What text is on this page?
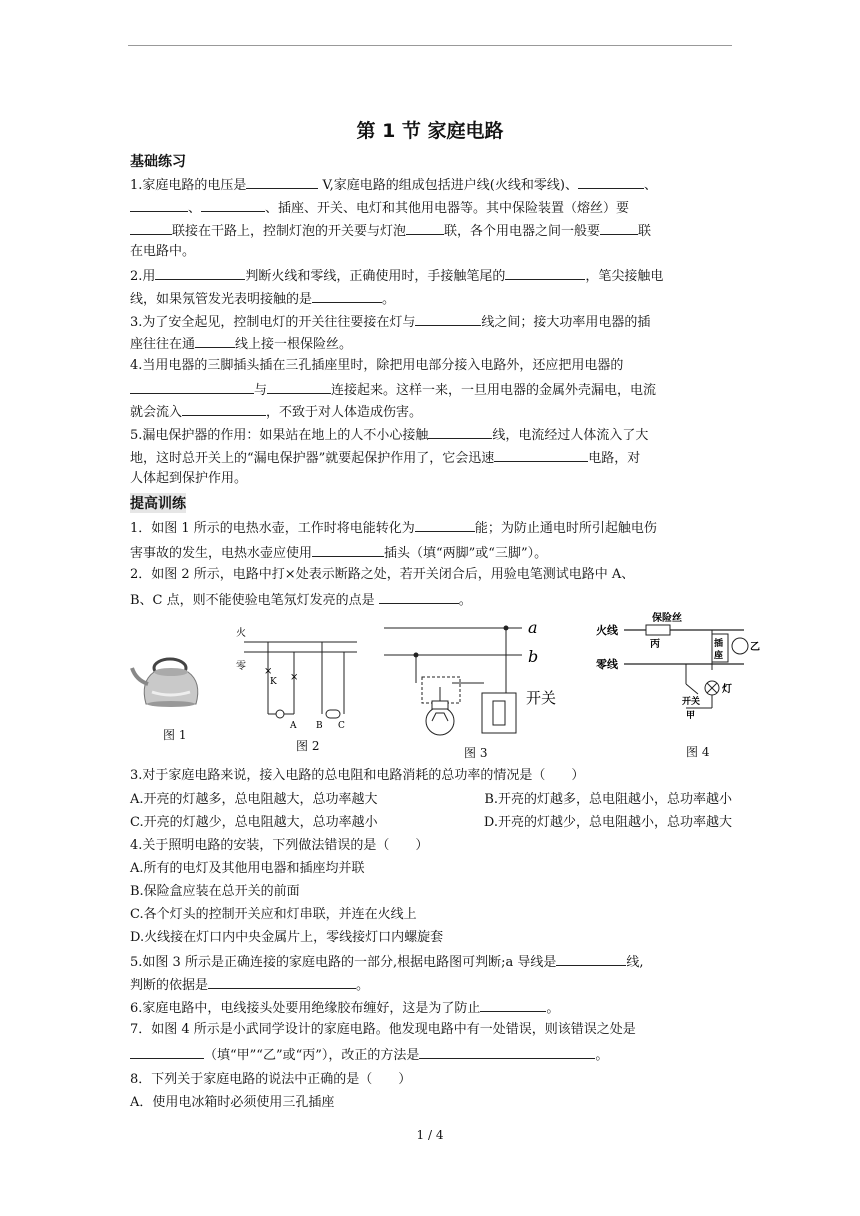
第 1 节 家庭电路
基础练习
1.家庭电路的电压是	V,家庭电路的组成包括进户线(火线和零线)、	、
、	、插座、开关、电灯和其他用电器等。其中保险装置（熔丝）要
联接在干路上，控制灯泡的开关要与灯泡	联，各个用电器之间一般要	联
在电路中。
2.用	判断火线和零线，正确使用时，手接触笔尾的	，笔尖接触电
线，如果氖管发光表明接触的是	。
3.为了安全起见，控制电灯的开关往往要接在灯与	线之间；接大功率用电器的插
座往往在通	线上接一根保险丝。
4.当用电器的三脚插头插在三孔插座里时，除把用电部分接入电路外，还应把用电器的
与	连接起来。这样一来，一旦用电器的金属外壳漏电，电流
就会流入	，不致于对人体造成伤害。
5.漏电保护器的作用：如果站在地上的人不小心接触	线，电流经过人体流入了大
地，这时总开关上的“漏电保护器”就要起保护作用了，它会迅速	电路，对
人体起到保护作用。
提高训练
1．如图 1 所示的电热水壶，工作时将电能转化为	能；为防止通电时所引起触电伤
害事故的发生，电热水壶应使用	插头（填“两脚”或“三脚”）。
2．如图 2 所示，电路中打×处表示断路之处，若开关闭合后，用验电笔测试电路中 A、
B、C 点，则不能使验电笔氖灯发亮的点是	。
图 1
火
零
K
×
×
A B C
图 2
a
b
开关
图 3
火线
零线
保险丝
丙	插
座
乙
灯
开关
甲
图 4
3.对于家庭电路来说，接入电路的总电阻和电路消耗的总功率的情况是（　　）
A.开亮的灯越多，总电阻越大，总功率越大	B.开亮的灯越多，总电阻越小，总功率越小
C.开亮的灯越少，总电阻越大，总功率越小	D.开亮的灯越少，总电阻越小，总功率越大
4.关于照明电路的安装，下列做法错误的是（　　）
A.所有的电灯及其他用电器和插座均并联
B.保险盒应装在总开关的前面
C.各个灯头的控制开关应和灯串联，并连在火线上
D.火线接在灯口内中央金属片上，零线接灯口内螺旋套
5.如图 3 所示是正确连接的家庭电路的一部分,根据电路图可判断;a 导线是	线,
判断的依据是	。
6.家庭电路中，电线接头处要用绝缘胶布缠好，这是为了防止	。
7．如图 4 所示是小武同学设计的家庭电路。他发现电路中有一处错误，则该错误之处是
（填“甲”“乙”或“丙”），改正的方法是	。
8．下列关于家庭电路的说法中正确的是（　　）
A．使用电冰箱时必须使用三孔插座
1 / 4
